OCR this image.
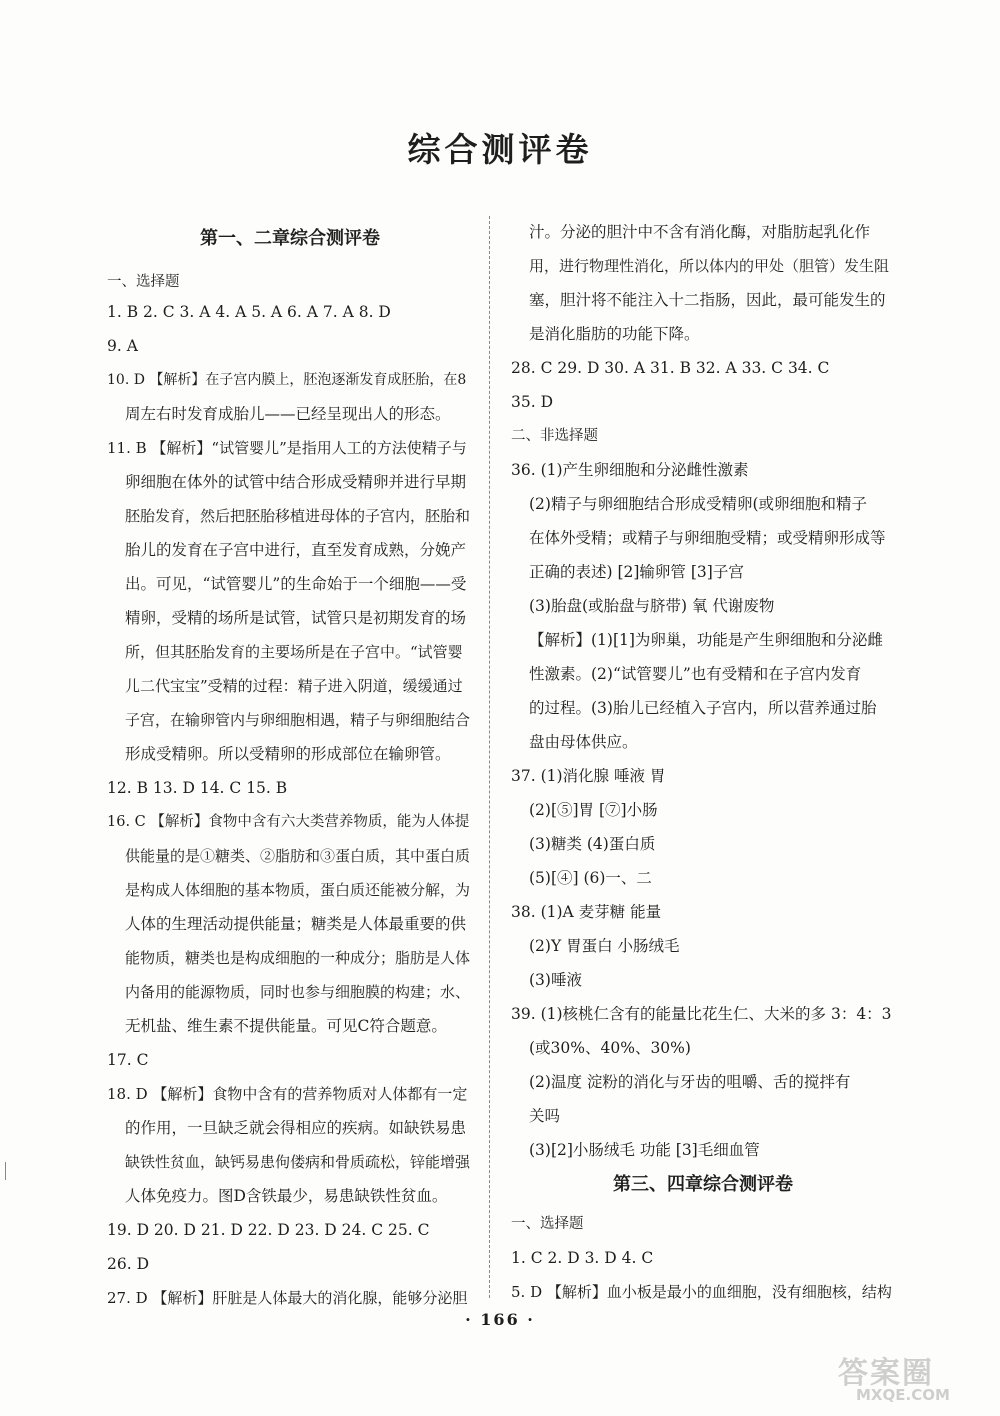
综合测评卷
第一、二章综合测评卷
一、选择题
1. B 2. C 3. A 4. A 5. A 6. A 7. A 8. D
9. A
10. D 【解析】在子宫内膜上，胚泡逐渐发育成胚胎，在8
周左右时发育成胎儿——已经呈现出人的形态。
11. B 【解析】“试管婴儿”是指用人工的方法使精子与
卵细胞在体外的试管中结合形成受精卵并进行早期
胚胎发育，然后把胚胎移植进母体的子宫内，胚胎和
胎儿的发育在子宫中进行，直至发育成熟，分娩产
出。可见，“试管婴儿”的生命始于一个细胞——受
精卵，受精的场所是试管，试管只是初期发育的场
所，但其胚胎发育的主要场所是在子宫中。“试管婴
儿二代宝宝”受精的过程：精子进入阴道，缓缓通过
子宫，在输卵管内与卵细胞相遇，精子与卵细胞结合
形成受精卵。所以受精卵的形成部位在输卵管。
12. B 13. D 14. C 15. B
16. C 【解析】食物中含有六大类营养物质，能为人体提
供能量的是①糖类、②脂肪和③蛋白质，其中蛋白质
是构成人体细胞的基本物质，蛋白质还能被分解，为
人体的生理活动提供能量；糖类是人体最重要的供
能物质，糖类也是构成细胞的一种成分；脂肪是人体
内备用的能源物质，同时也参与细胞膜的构建；水、
无机盐、维生素不提供能量。可见C符合题意。
17. C
18. D 【解析】食物中含有的营养物质对人体都有一定
的作用，一旦缺乏就会得相应的疾病。如缺铁易患
缺铁性贫血，缺钙易患佝偻病和骨质疏松，锌能增强
人体免疫力。图D含铁最少，易患缺铁性贫血。
19. D 20. D 21. D 22. D 23. D 24. C 25. C
26. D
27. D 【解析】肝脏是人体最大的消化腺，能够分泌胆
汁。分泌的胆汁中不含有消化酶，对脂肪起乳化作
用，进行物理性消化，所以体内的甲处（胆管）发生阻
塞，胆汁将不能注入十二指肠，因此，最可能发生的
是消化脂肪的功能下降。
28. C 29. D 30. A 31. B 32. A 33. C 34. C
35. D
二、非选择题
36. (1)产生卵细胞和分泌雌性激素
(2)精子与卵细胞结合形成受精卵(或卵细胞和精子
在体外受精；或精子与卵细胞受精；或受精卵形成等
正确的表述) [2]输卵管 [3]子宫
(3)胎盘(或胎盘与脐带) 氧 代谢废物
【解析】(1)[1]为卵巢，功能是产生卵细胞和分泌雌
性激素。(2)“试管婴儿”也有受精和在子宫内发育
的过程。(3)胎儿已经植入子宫内，所以营养通过胎
盘由母体供应。
37. (1)消化腺 唾液 胃
(2)[⑤]胃 [⑦]小肠
(3)糖类 (4)蛋白质
(5)[④] (6)一、二
38. (1)A 麦芽糖 能量
(2)Y 胃蛋白 小肠绒毛
(3)唾液
39. (1)核桃仁含有的能量比花生仁、大米的多 3：4：3
(或30%、40%、30%)
(2)温度 淀粉的消化与牙齿的咀嚼、舌的搅拌有
关吗
(3)[2]小肠绒毛 功能 [3]毛细血管
第三、四章综合测评卷
一、选择题
1. C 2. D 3. D 4. C
5. D 【解析】血小板是最小的血细胞，没有细胞核，结构
· 166 ·
答案圈
MXQE.COM
